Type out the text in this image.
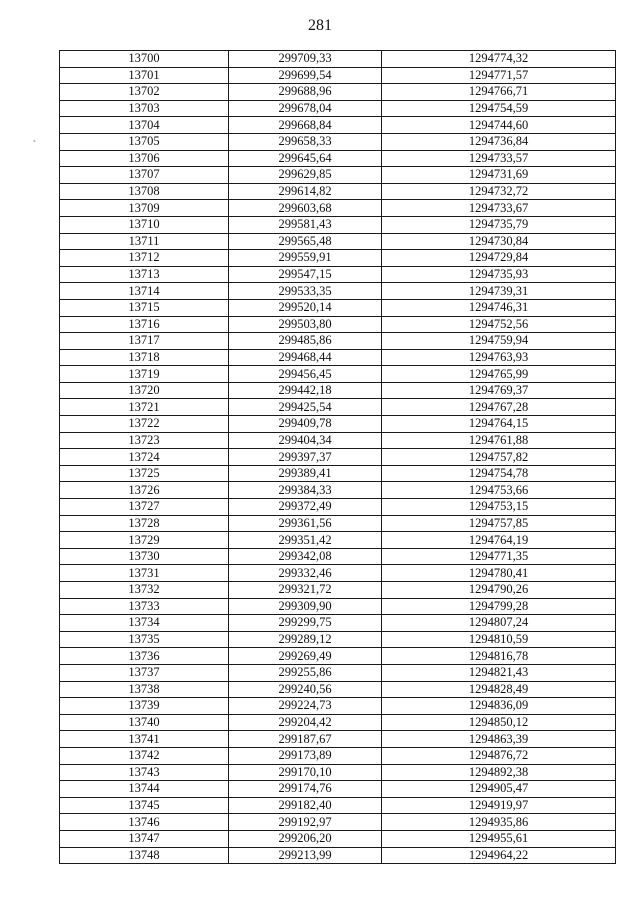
281
˛
13700	299709,33	1294774,32
13701	299699,54	1294771,57
13702	299688,96	1294766,71
13703	299678,04	1294754,59
13704	299668,84	1294744,60
13705	299658,33	1294736,84
13706	299645,64	1294733,57
13707	299629,85	1294731,69
13708	299614,82	1294732,72
13709	299603,68	1294733,67
13710	299581,43	1294735,79
13711	299565,48	1294730,84
13712	299559,91	1294729,84
13713	299547,15	1294735,93
13714	299533,35	1294739,31
13715	299520,14	1294746,31
13716	299503,80	1294752,56
13717	299485,86	1294759,94
13718	299468,44	1294763,93
13719	299456,45	1294765,99
13720	299442,18	1294769,37
13721	299425,54	1294767,28
13722	299409,78	1294764,15
13723	299404,34	1294761,88
13724	299397,37	1294757,82
13725	299389,41	1294754,78
13726	299384,33	1294753,66
13727	299372,49	1294753,15
13728	299361,56	1294757,85
13729	299351,42	1294764,19
13730	299342,08	1294771,35
13731	299332,46	1294780,41
13732	299321,72	1294790,26
13733	299309,90	1294799,28
13734	299299,75	1294807,24
13735	299289,12	1294810,59
13736	299269,49	1294816,78
13737	299255,86	1294821,43
13738	299240,56	1294828,49
13739	299224,73	1294836,09
13740	299204,42	1294850,12
13741	299187,67	1294863,39
13742	299173,89	1294876,72
13743	299170,10	1294892,38
13744	299174,76	1294905,47
13745	299182,40	1294919,97
13746	299192,97	1294935,86
13747	299206,20	1294955,61
13748	299213,99	1294964,22
